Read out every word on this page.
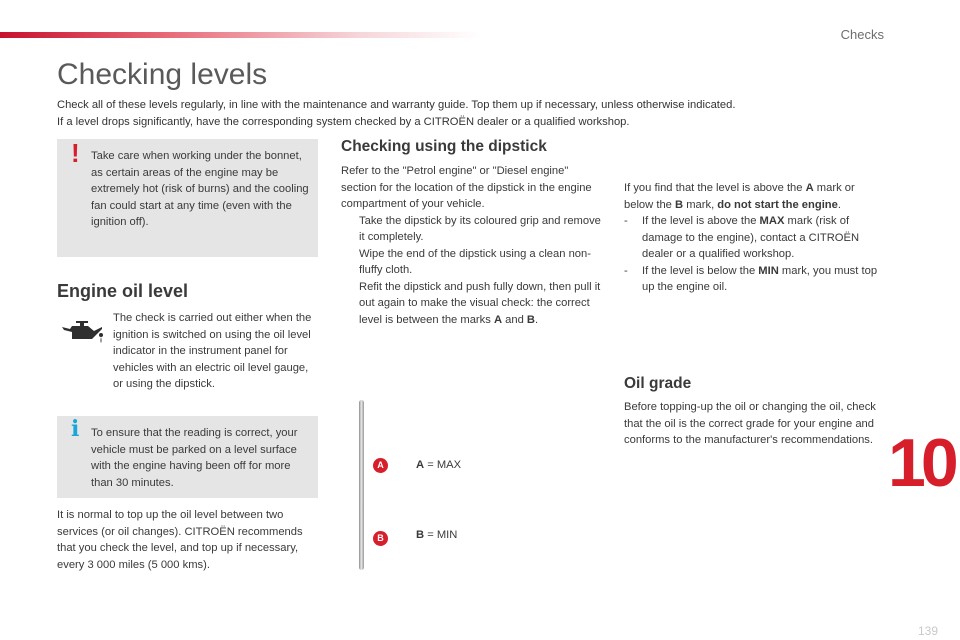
Checks
Checking levels

Check all of these levels regularly, in line with the maintenance and warranty guide. Top them up if necessary, unless otherwise indicated.

If a level drops significantly, have the corresponding system checked by a CITROËN dealer or a qualified workshop.

! Take care when working under the bonnet, as certain areas of the engine may be extremely hot (risk of burns) and the cooling fan could start at any time (even with the ignition off).
Engine oil level
The check is carried out either when the ignition is switched on using the oil level indicator in the instrument panel for vehicles with an electric oil level gauge, or using the dipstick.
i To ensure that the reading is correct, your vehicle must be parked on a level surface with the engine having been off for more than 30 minutes.
It is normal to top up the oil level between two services (or oil changes). CITROËN recommends that you check the level, and top up if necessary, every 3 000 miles (5 000 kms).
Checking using the dipstick

Refer to the "Petrol engine" or "Diesel engine" section for the location of the dipstick in the engine compartment of your vehicle.

Take the dipstick by its coloured grip and remove it completely.
Wipe the end of the dipstick using a clean non-fluffy cloth.
Refit the dipstick and push fully down, then pull it out again to make the visual check: the correct level is between the marks A and B.

If you find that the level is above the A mark or below the B mark, do not start the engine.

- If the level is above the MAX mark (risk of damage to the engine), contact a CITROËN dealer or a qualified workshop.
- If the level is below the MIN mark, you must top up the engine oil.
A
B
A = MAX
B = MIN
Oil grade
Before topping-up the oil or changing the oil, check that the oil is the correct grade for your engine and conforms to the manufacturer's recommendations. 10
139
